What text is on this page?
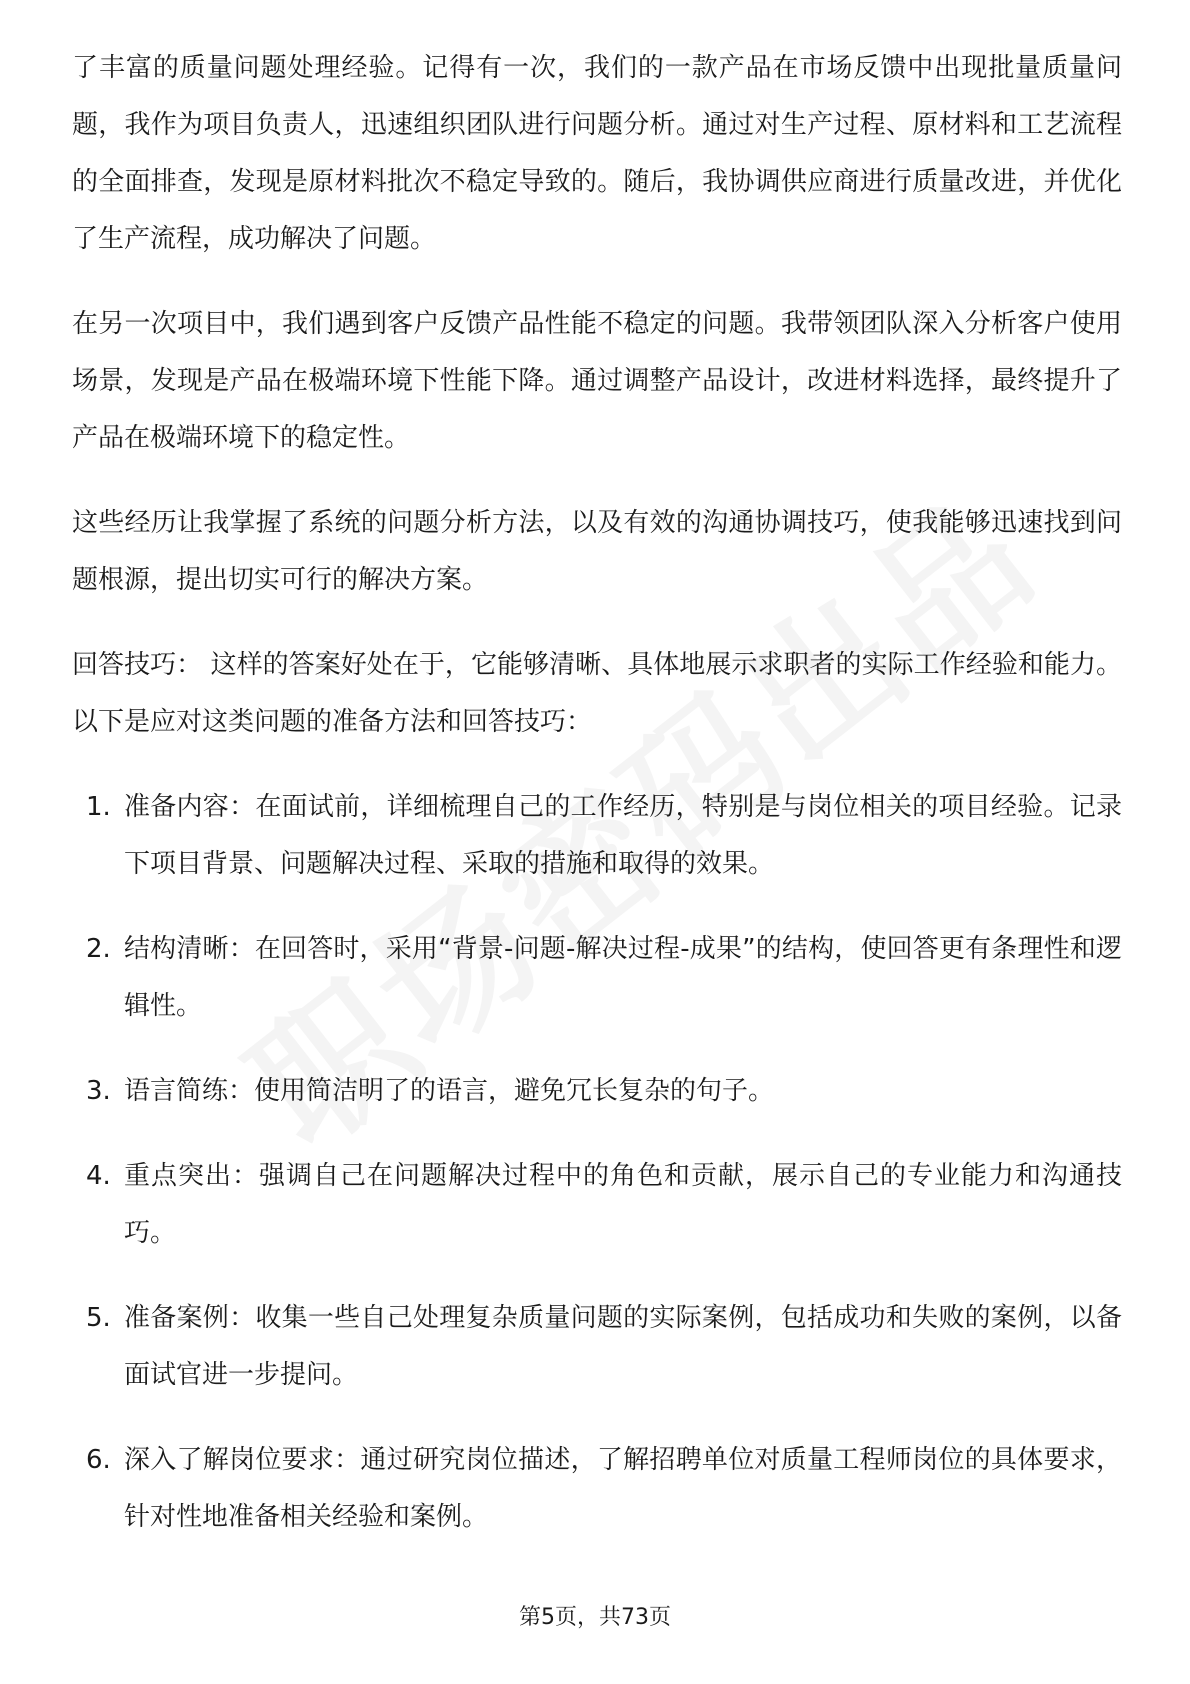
了丰富的质量问题处理经验。记得有一次，我们的一款产品在市场反馈中出现批量质量问题，我作为项目负责人，迅速组织团队进行问题分析。通过对生产过程、原材料和工艺流程的全面排查，发现是原材料批次不稳定导致的。随后，我协调供应商进行质量改进，并优化了生产流程，成功解决了问题。

在另一次项目中，我们遇到客户反馈产品性能不稳定的问题。我带领团队深入分析客户使用场景，发现是产品在极端环境下性能下降。通过调整产品设计，改进材料选择，最终提升了产品在极端环境下的稳定性。

这些经历让我掌握了系统的问题分析方法，以及有效的沟通协调技巧，使我能够迅速找到问题根源，提出切实可行的解决方案。

回答技巧： 这样的答案好处在于，它能够清晰、具体地展示求职者的实际工作经验和能力。以下是应对这类问题的准备方法和回答技巧：

1. 准备内容：在面试前，详细梳理自己的工作经历，特别是与岗位相关的项目经验。记录下项目背景、问题解决过程、采取的措施和取得的效果。
2. 结构清晰：在回答时，采用“背景-问题-解决过程-成果”的结构，使回答更有条理性和逻辑性。
3. 语言简练：使用简洁明了的语言，避免冗长复杂的句子。
4. 重点突出：强调自己在问题解决过程中的角色和贡献，展示自己的专业能力和沟通技巧。
5. 准备案例：收集一些自己处理复杂质量问题的实际案例，包括成功和失败的案例，以备面试官进一步提问。
6. 深入了解岗位要求：通过研究岗位描述，了解招聘单位对质量工程师岗位的具体要求，针对性地准备相关经验和案例。
第5页，共73页
